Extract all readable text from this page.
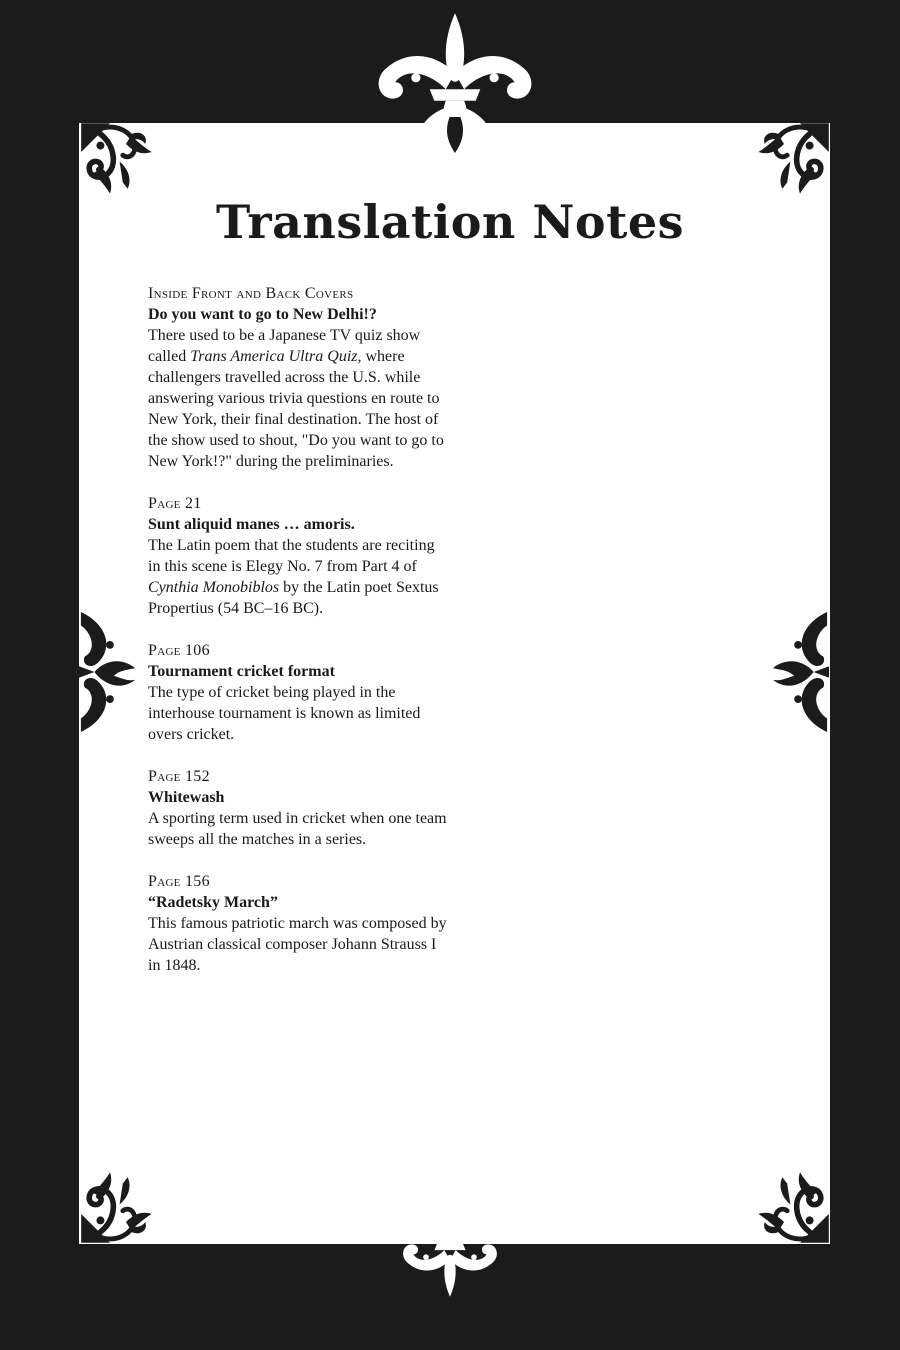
Translation Notes
Inside Front and Back Covers
Do you want to go to New Delhi!?

There used to be a Japanese TV quiz show called Trans America Ultra Quiz, where challengers travelled across the U.S. while answering various trivia questions en route to New York, their final destination. The host of the show used to shout, "Do you want to go to New York!?" during the preliminaries.

Page 21
Sunt aliquid manes … amoris.

The Latin poem that the students are reciting in this scene is Elegy No. 7 from Part 4 of Cynthia Monobiblos by the Latin poet Sextus Propertius (54 BC–16 BC).

Page 106
Tournament cricket format

The type of cricket being played in the interhouse tournament is known as limited overs cricket.

Page 152
Whitewash

A sporting term used in cricket when one team sweeps all the matches in a series.

Page 156
“Radetsky March”

This famous patriotic march was composed by Austrian classical composer Johann Strauss I in 1848.
